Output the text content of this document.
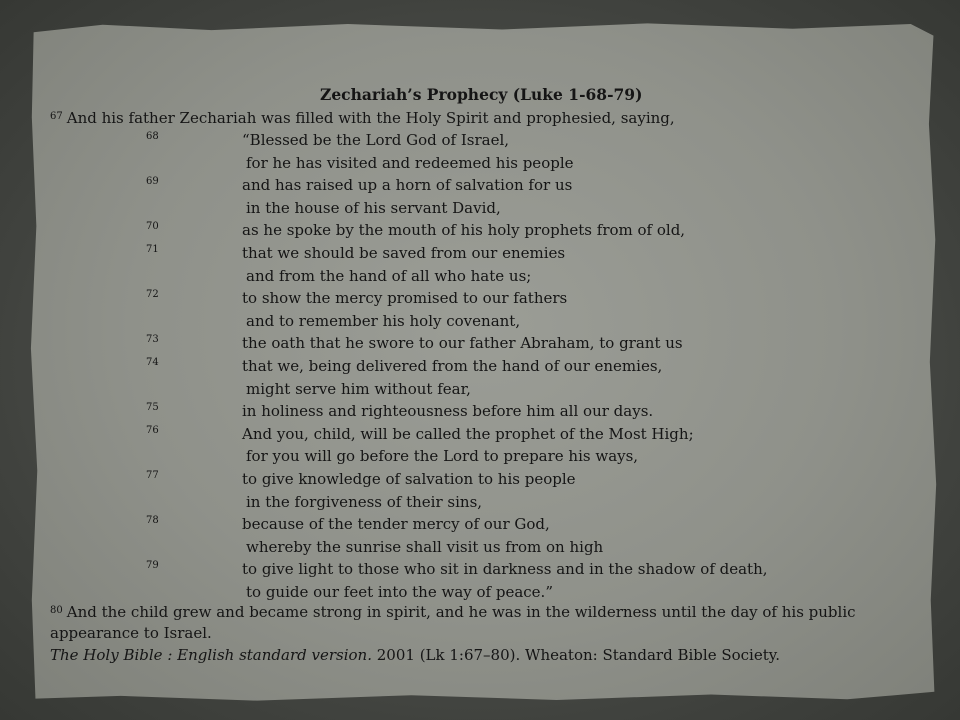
Zechariah’s Prophecy (Luke 1-68-79)
$^{67}$ And his father Zechariah was filled with the Holy Spirit and prophesied, saying,
68	“Blessed be the Lord God of Israel,
for he has visited and redeemed his people
69	and has raised up a horn of salvation for us
in the house of his servant David,
70	as he spoke by the mouth of his holy prophets from of old,
71	that we should be saved from our enemies
and from the hand of all who hate us;
72	to show the mercy promised to our fathers
and to remember his holy covenant,
73	the oath that he swore to our father Abraham, to grant us
74	that we, being delivered from the hand of our enemies,
might serve him without fear,
75	in holiness and righteousness before him all our days.
76	And you, child, will be called the prophet of the Most High;
for you will go before the Lord to prepare his ways,
77	to give knowledge of salvation to his people
in the forgiveness of their sins,
78	because of the tender mercy of our God,
whereby the sunrise shall visit us from on high
79	to give light to those who sit in darkness and in the shadow of death,
to guide our feet into the way of peace.”
$^{80}$ And the child grew and became strong in spirit, and he was in the wilderness until the day of his public
appearance to Israel.
The Holy Bible : English standard version. 2001 (Lk 1:67–80). Wheaton: Standard Bible Society.
